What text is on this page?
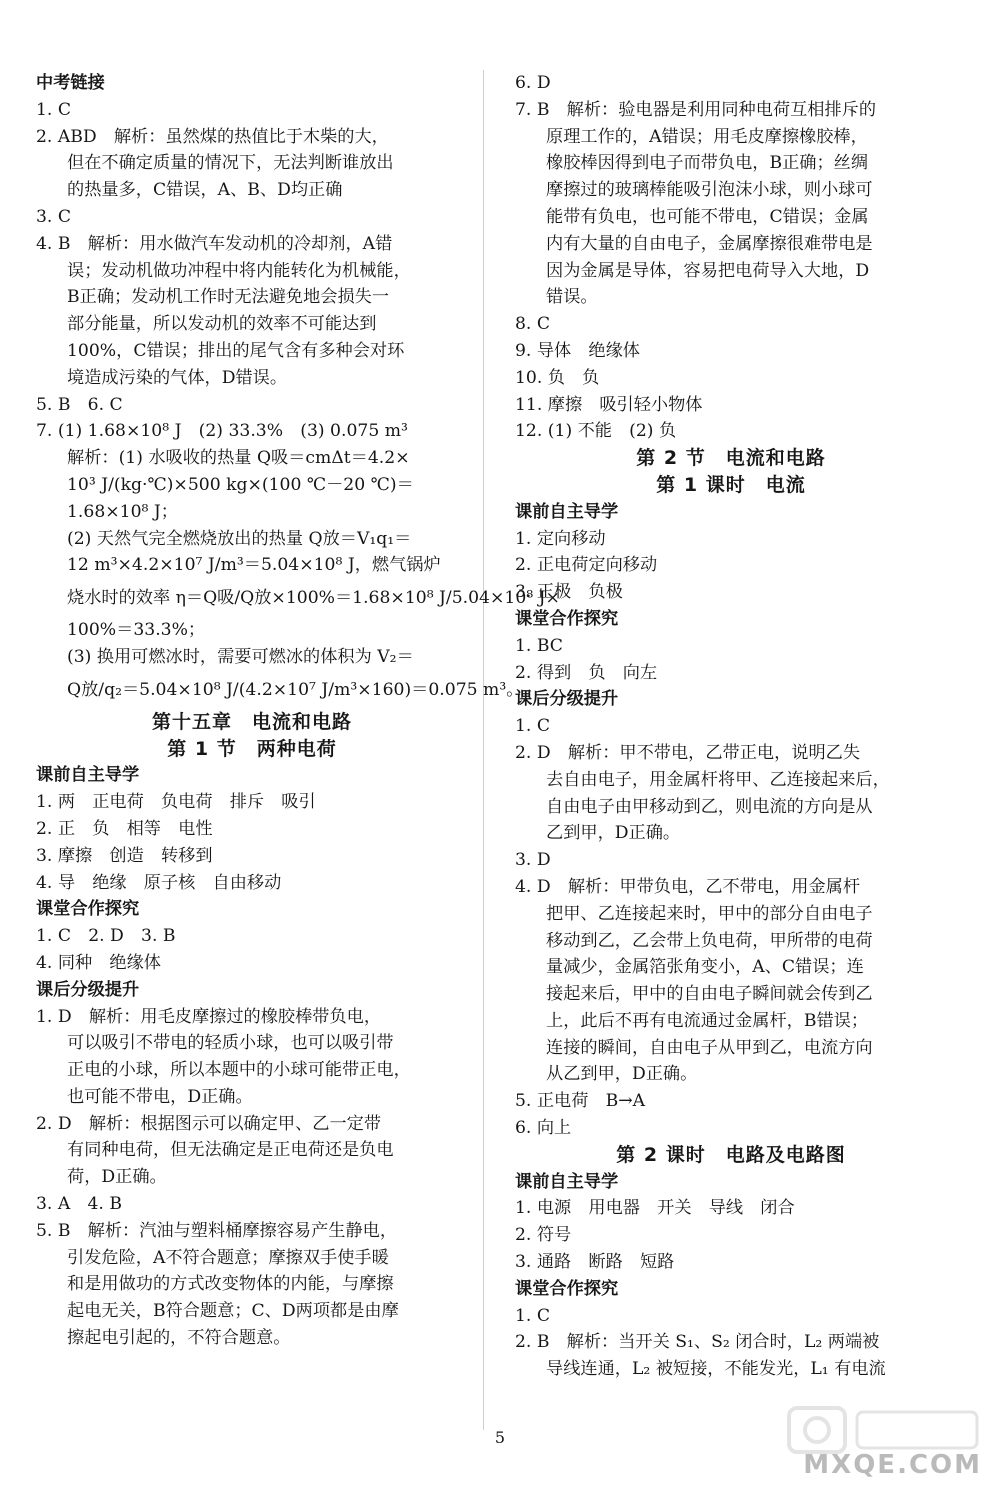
中考链接
1. C
2. ABD　解析：虽然煤的热值比于木柴的大，
但在不确定质量的情况下，无法判断谁放出
的热量多，C错误，A、B、D均正确
3. C
4. B　解析：用水做汽车发动机的冷却剂，A错
误；发动机做功冲程中将内能转化为机械能，
B正确；发动机工作时无法避免地会损失一
部分能量，所以发动机的效率不可能达到
100%，C错误；排出的尾气含有多种会对环
境造成污染的气体，D错误。
5. B　6. C
7. (1) 1.68×10⁸ J　(2) 33.3%　(3) 0.075 m³
解析：(1) 水吸收的热量 Q吸＝cmΔt＝4.2×
10³ J/(kg·℃)×500 kg×(100 ℃－20 ℃)＝
1.68×10⁸ J；
(2) 天然气完全燃烧放出的热量 Q放＝V₁q₁＝
12 m³×4.2×10⁷ J/m³＝5.04×10⁸ J，燃气锅炉
烧水时的效率 η＝Q吸/Q放×100%＝1.68×10⁸ J/5.04×10⁸ J×
100%＝33.3%；
(3) 换用可燃冰时，需要可燃冰的体积为 V₂＝
Q放/q₂＝5.04×10⁸ J/(4.2×10⁷ J/m³×160)＝0.075 m³。
第十五章　电流和电路
第 1 节　两种电荷
课前自主导学
1. 两　正电荷　负电荷　排斥　吸引
2. 正　负　相等　电性
3. 摩擦　创造　转移到
4. 导　绝缘　原子核　自由移动
课堂合作探究
1. C　2. D　3. B
4. 同种　绝缘体
课后分级提升
1. D　解析：用毛皮摩擦过的橡胶棒带负电，
可以吸引不带电的轻质小球，也可以吸引带
正电的小球，所以本题中的小球可能带正电，
也可能不带电，D正确。
2. D　解析：根据图示可以确定甲、乙一定带
有同种电荷，但无法确定是正电荷还是负电
荷，D正确。
3. A　4. B
5. B　解析：汽油与塑料桶摩擦容易产生静电，
引发危险，A不符合题意；摩擦双手使手暖
和是用做功的方式改变物体的内能，与摩擦
起电无关，B符合题意；C、D两项都是由摩
擦起电引起的，不符合题意。
6. D
7. B　解析：验电器是利用同种电荷互相排斥的
原理工作的，A错误；用毛皮摩擦橡胶棒，
橡胶棒因得到电子而带负电，B正确；丝绸
摩擦过的玻璃棒能吸引泡沫小球，则小球可
能带有负电，也可能不带电，C错误；金属
内有大量的自由电子，金属摩擦很难带电是
因为金属是导体，容易把电荷导入大地，D
错误。
8. C
9. 导体　绝缘体
10. 负　负
11. 摩擦　吸引轻小物体
12. (1) 不能　(2) 负
第 2 节　电流和电路
第 1 课时　电流
课前自主导学
1. 定向移动
2. 正电荷定向移动
3. 正极　负极
课堂合作探究
1. BC
2. 得到　负　向左
课后分级提升
1. C
2. D　解析：甲不带电，乙带正电，说明乙失
去自由电子，用金属杆将甲、乙连接起来后，
自由电子由甲移动到乙，则电流的方向是从
乙到甲，D正确。
3. D
4. D　解析：甲带负电，乙不带电，用金属杆
把甲、乙连接起来时，甲中的部分自由电子
移动到乙，乙会带上负电荷，甲所带的电荷
量减少，金属箔张角变小，A、C错误；连
接起来后，甲中的自由电子瞬间就会传到乙
上，此后不再有电流通过金属杆，B错误；
连接的瞬间，自由电子从甲到乙，电流方向
从乙到甲，D正确。
5. 正电荷　B→A
6. 向上
第 2 课时　电路及电路图
课前自主导学
1. 电源　用电器　开关　导线　闭合
2. 符号
3. 通路　断路　短路
课堂合作探究
1. C
2. B　解析：当开关 S₁、S₂ 闭合时，L₂ 两端被
导线连通，L₂ 被短接，不能发光，L₁ 有电流
5
MXQE.COM
